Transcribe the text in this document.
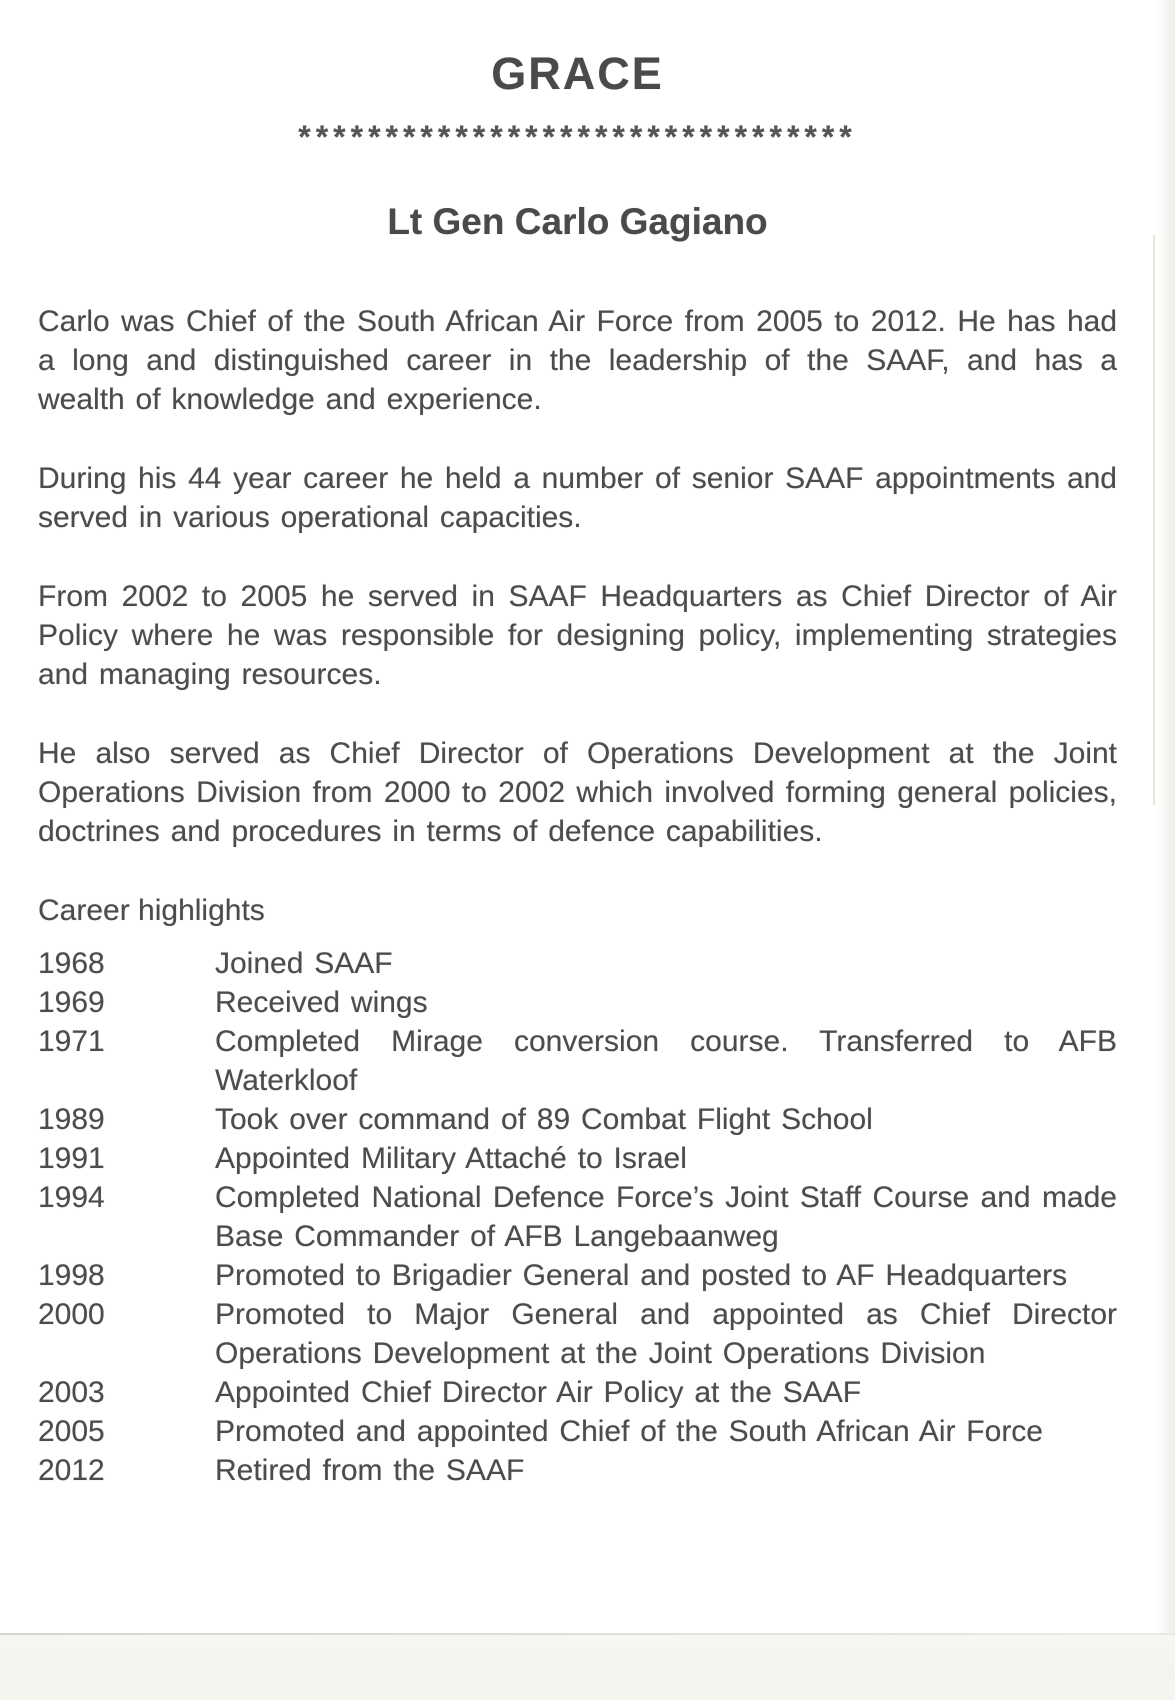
GRACE
********************************
Lt Gen Carlo Gagiano

Carlo was Chief of the South African Air Force from 2005 to 2012. He has had a long and distinguished career in the leadership of the SAAF, and has a wealth of knowledge and experience.

During his 44 year career he held a number of senior SAAF appointments and served in various operational capacities.

From 2002 to 2005 he served in SAAF Headquarters as Chief Director of Air Policy where he was responsible for designing policy, implementing strategies and managing resources.

He also served as Chief Director of Operations Development at the Joint Operations Division from 2000 to 2002 which involved forming general policies, doctrines and procedures in terms of defence capabilities.

Career highlights
1968	Joined SAAF
1969	Received wings
1971	Completed Mirage conversion course. Transferred to AFB Waterkloof
1989	Took over command of 89 Combat Flight School
1991	Appointed Military Attaché to Israel
1994	Completed National Defence Force’s Joint Staff Course and made Base Commander of AFB Langebaanweg
1998	Promoted to Brigadier General and posted to AF Headquarters
2000	Promoted to Major General and appointed as Chief Director Operations Development at the Joint Operations Division
2003	Appointed Chief Director Air Policy at the SAAF
2005	Promoted and appointed Chief of the South African Air Force
2012	Retired from the SAAF
